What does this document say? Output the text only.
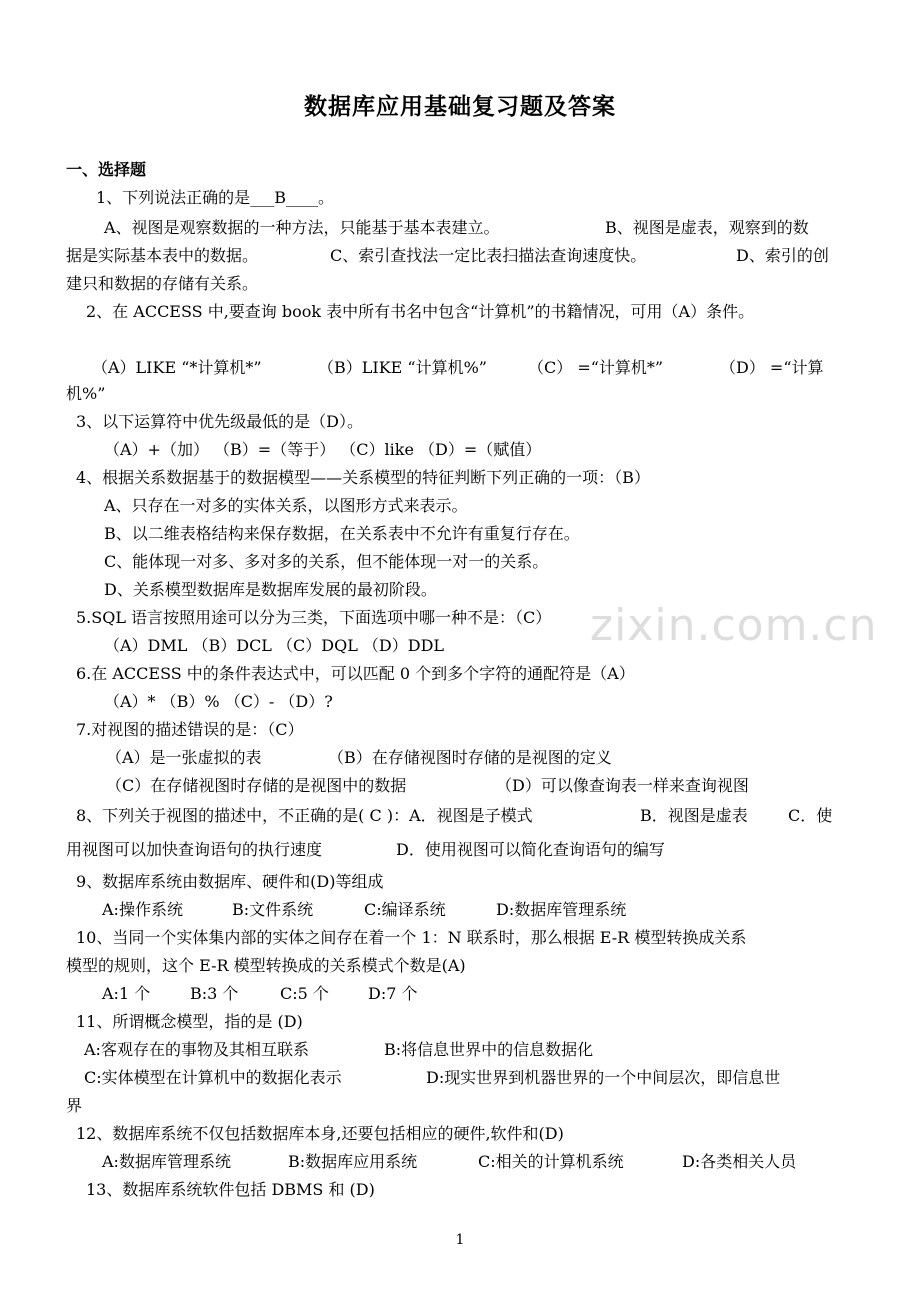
zixin.com.cn
数据库应用基础复习题及答案
一、选择题
1、下列说法正确的是___B____。
A、视图是观察数据的一种方法，只能基于基本表建立。	B、视图是虚表，观察到的数
据是实际基本表中的数据。	C、索引查找法一定比表扫描法查询速度快。	D、索引的创
建只和数据的存储有关系。
2、在 ACCESS 中,要查询 book 表中所有书名中包含“计算机”的书籍情况，可用（A）条件。
（A）LIKE “*计算机*”	（B）LIKE “计算机%”	（C） =“计算机*”	（D） =“计算
机%”
3、以下运算符中优先级最低的是（D）。
（A）+（加） （B）=（等于） （C）like （D）=（赋值）
4、根据关系数据基于的数据模型——关系模型的特征判断下列正确的一项：（B）
A、只存在一对多的实体关系，以图形方式来表示。
B、以二维表格结构来保存数据，在关系表中不允许有重复行存在。
C、能体现一对多、多对多的关系，但不能体现一对一的关系。
D、关系模型数据库是数据库发展的最初阶段。
5.SQL 语言按照用途可以分为三类，下面选项中哪一种不是：（C）
（A）DML （B）DCL （C）DQL （D）DDL
6.在 ACCESS 中的条件表达式中，可以匹配 0 个到多个字符的通配符是（A）
（A）* （B）% （C）- （D）?
7.对视图的描述错误的是：（C）
（A）是一张虚拟的表	（B）在存储视图时存储的是视图的定义
（C）在存储视图时存储的是视图中的数据	（D）可以像查询表一样来查询视图
8、下列关于视图的描述中，不正确的是( C )：A．视图是子模式	B．视图是虚表	C．使
用视图可以加快查询语句的执行速度	D．使用视图可以简化查询语句的编写
9、数据库系统由数据库、硬件和(D)等组成
A:操作系统	B:文件系统	C:编译系统	D:数据库管理系统
10、当同一个实体集内部的实体之间存在着一个 1：N 联系时，那么根据 E-R 模型转换成关系
模型的规则，这个 E-R 模型转换成的关系模式个数是(A)
A:1 个 B:3 个	C:5 个 D:7 个
11、所谓概念模型，指的是 (D)
A:客观存在的事物及其相互联系	B:将信息世界中的信息数据化
C:实体模型在计算机中的数据化表示	D:现实世界到机器世界的一个中间层次，即信息世
界
12、数据库系统不仅包括数据库本身,还要包括相应的硬件,软件和(D)
A:数据库管理系统	B:数据库应用系统	C:相关的计算机系统	D:各类相关人员
13、数据库系统软件包括 DBMS 和 (D)
1
